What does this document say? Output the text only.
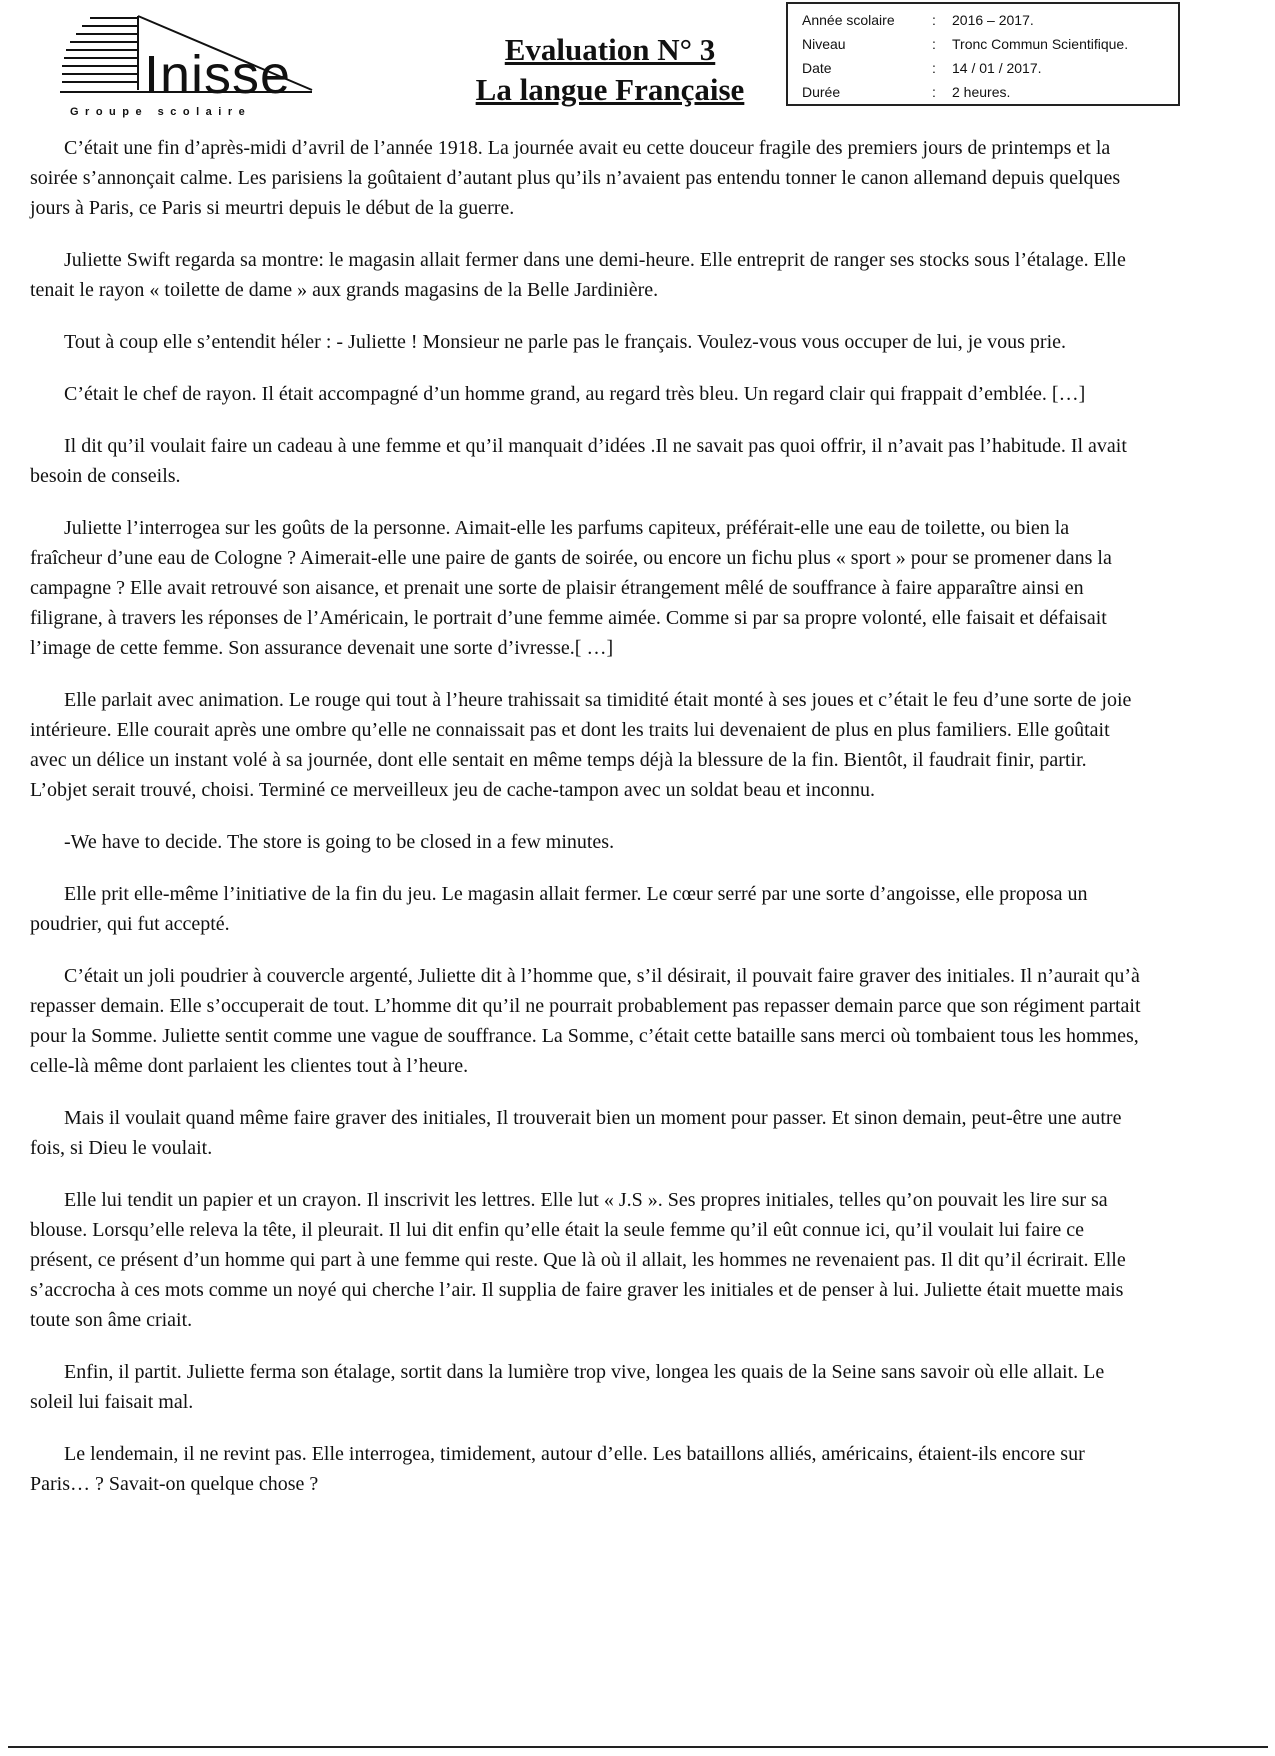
Inisse
Groupe scolaire
Evaluation N° 3
La langue Française
Année scolaire	: 2016 – 2017.
Niveau	: Tronc Commun Scientifique.
Date	: 14 / 01 / 2017.
Durée	: 2 heures.

C’était une fin d’après-midi d’avril de l’année 1918. La journée avait eu cette douceur fragile des premiers jours de printemps et la soirée s’annonçait calme. Les parisiens la goûtaient d’autant plus qu’ils n’avaient pas entendu tonner le canon allemand depuis quelques jours à Paris, ce Paris si meurtri depuis le début de la guerre.

Juliette Swift regarda sa montre: le magasin allait fermer dans une demi-heure. Elle entreprit de ranger ses stocks sous l’étalage. Elle tenait le rayon « toilette de dame » aux grands magasins de la Belle Jardinière.

Tout à coup elle s’entendit héler : - Juliette ! Monsieur ne parle pas le français. Voulez-vous vous occuper de lui, je vous prie.

C’était le chef de rayon. Il était accompagné d’un homme grand, au regard très bleu. Un regard clair qui frappait d’emblée. […]

Il dit qu’il voulait faire un cadeau à une femme et qu’il manquait d’idées .Il ne savait pas quoi offrir, il n’avait pas l’habitude. Il avait besoin de conseils.

Juliette l’interrogea sur les goûts de la personne. Aimait-elle les parfums capiteux, préférait-elle une eau de toilette, ou bien la fraîcheur d’une eau de Cologne ? Aimerait-elle une paire de gants de soirée, ou encore un fichu plus « sport » pour se promener dans la campagne ? Elle avait retrouvé son aisance, et prenait une sorte de plaisir étrangement mêlé de souffrance à faire apparaître ainsi en filigrane, à travers les réponses de l’Américain, le portrait d’une femme aimée. Comme si par sa propre volonté, elle faisait et défaisait l’image de cette femme. Son assurance devenait une sorte d’ivresse.[ …]

Elle parlait avec animation. Le rouge qui tout à l’heure trahissait sa timidité était monté à ses joues et c’était le feu d’une sorte de joie intérieure. Elle courait après une ombre qu’elle ne connaissait pas et dont les traits lui devenaient de plus en plus familiers. Elle goûtait avec un délice un instant volé à sa journée, dont elle sentait en même temps déjà la blessure de la fin. Bientôt, il faudrait finir, partir. L’objet serait trouvé, choisi. Terminé ce merveilleux jeu de cache-tampon avec un soldat beau et inconnu.

-We have to decide. The store is going to be closed in a few minutes.

Elle prit elle-même l’initiative de la fin du jeu. Le magasin allait fermer. Le cœur serré par une sorte d’angoisse, elle proposa un poudrier, qui fut accepté.

C’était un joli poudrier à couvercle argenté, Juliette dit à l’homme que, s’il désirait, il pouvait faire graver des initiales. Il n’aurait qu’à repasser demain. Elle s’occuperait de tout. L’homme dit qu’il ne pourrait probablement pas repasser demain parce que son régiment partait pour la Somme. Juliette sentit comme une vague de souffrance. La Somme, c’était cette bataille sans merci où tombaient tous les hommes, celle-là même dont parlaient les clientes tout à l’heure.

Mais il voulait quand même faire graver des initiales, Il trouverait bien un moment pour passer. Et sinon demain, peut-être une autre fois, si Dieu le voulait.

Elle lui tendit un papier et un crayon. Il inscrivit les lettres. Elle lut « J.S ». Ses propres initiales, telles qu’on pouvait les lire sur sa blouse. Lorsqu’elle releva la tête, il pleurait. Il lui dit enfin qu’elle était la seule femme qu’il eût connue ici, qu’il voulait lui faire ce présent, ce présent d’un homme qui part à une femme qui reste. Que là où il allait, les hommes ne revenaient pas. Il dit qu’il écrirait. Elle s’accrocha à ces mots comme un noyé qui cherche l’air. Il supplia de faire graver les initiales et de penser à lui. Juliette était muette mais toute son âme criait.

Enfin, il partit. Juliette ferma son étalage, sortit dans la lumière trop vive, longea les quais de la Seine sans savoir où elle allait. Le soleil lui faisait mal.

Le lendemain, il ne revint pas. Elle interrogea, timidement, autour d’elle. Les bataillons alliés, américains, étaient-ils encore sur Paris… ? Savait-on quelque chose ?
